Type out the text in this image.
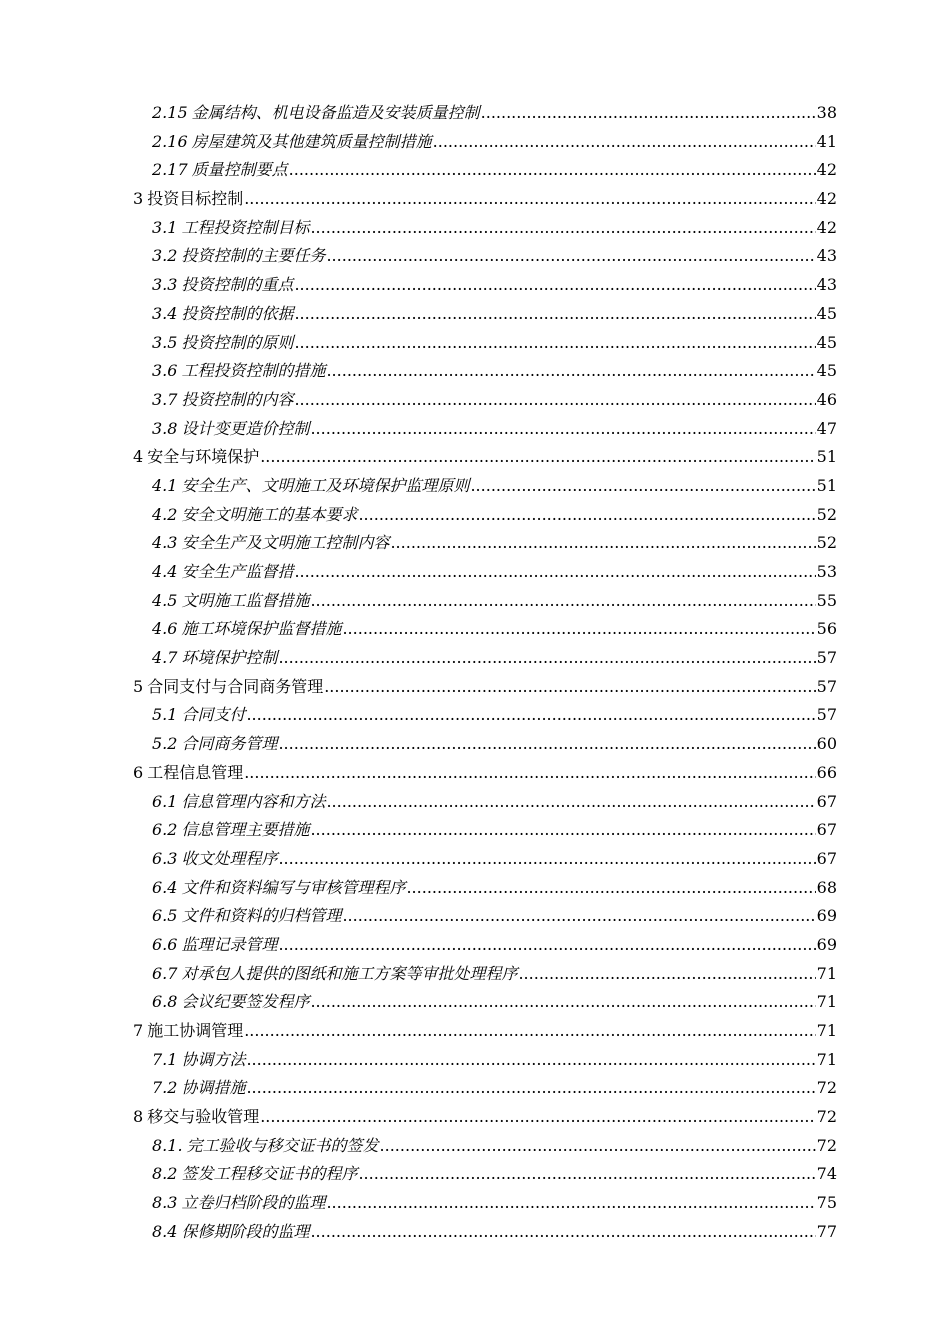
2.15 金属结构、机电设备监造及安装质量控制 .....	38
2.16 房屋建筑及其他建筑质量控制措施 .....	41
2.17 质量控制要点 .....	42
3 投资目标控制 .....	42
3.1 工程投资控制目标 .....	42
3.2 投资控制的主要任务 .....	43
3.3 投资控制的重点 .....	43
3.4 投资控制的依据 .....	45
3.5 投资控制的原则 .....	45
3.6 工程投资控制的措施 .....	45
3.7 投资控制的内容 .....	46
3.8 设计变更造价控制 .....	47
4 安全与环境保护 .....	51
4.1 安全生产、文明施工及环境保护监理原则 .....	51
4.2 安全文明施工的基本要求 .....	52
4.3 安全生产及文明施工控制内容 .....	52
4.4 安全生产监督措 .....	53
4.5 文明施工监督措施 .....	55
4.6 施工环境保护监督措施 .....	56
4.7 环境保护控制 .....	57
5 合同支付与合同商务管理 .....	57
5.1 合同支付 .....	57
5.2 合同商务管理 .....	60
6 工程信息管理 .....	66
6.1 信息管理内容和方法 .....	67
6.2 信息管理主要措施 .....	67
6.3 收文处理程序 .....	67
6.4 文件和资料编写与审核管理程序 .....	68
6.5 文件和资料的归档管理 .....	69
6.6 监理记录管理 .....	69
6.7 对承包人提供的图纸和施工方案等审批处理程序 .....	71
6.8 会议纪要签发程序 .....	71
7 施工协调管理 .....	71
7.1 协调方法 .....	71
7.2 协调措施 .....	72
8 移交与验收管理 .....	72
8.1. 完工验收与移交证书的签发 .....	72
8.2 签发工程移交证书的程序 .....	74
8.3 立卷归档阶段的监理 .....	75
8.4 保修期阶段的监理 .....	77
